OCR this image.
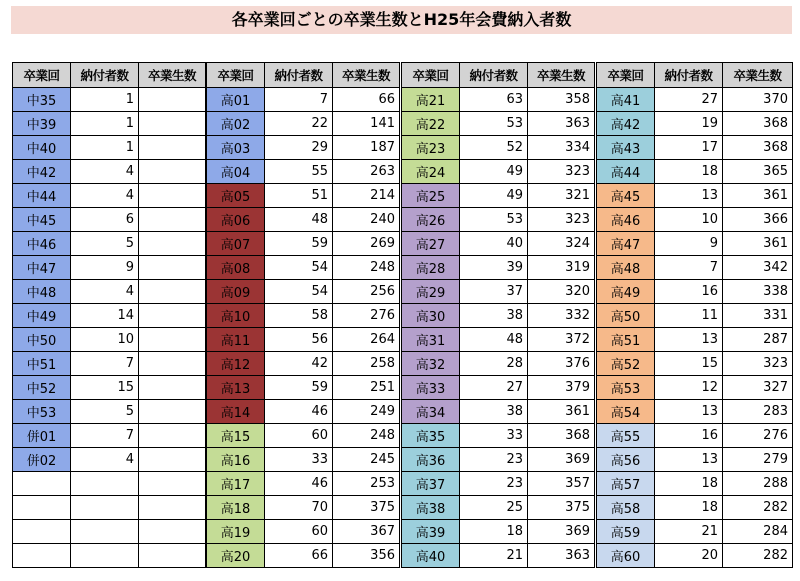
各卒業回ごとの卒業生数とH25年会費納入者数
卒業回	納付者数	卒業生数
中35	1	
中39	1	
中40	1	
中42	4	
中44	4	
中45	6	
中46	5	
中47	9	
中48	4	
中49	14	
中50	10	
中51	7	
中52	15	
中53	5	
併01	7	
併02	4	

卒業回	納付者数	卒業生数
高01	7	66
高02	22	141
高03	29	187
高04	55	263
高05	51	214
高06	48	240
高07	59	269
高08	54	248
高09	54	256
高10	58	276
高11	56	264
高12	42	258
高13	59	251
高14	46	249
高15	60	248
高16	33	245
高17	46	253
高18	70	375
高19	60	367
高20	66	356
卒業回	納付者数	卒業生数
高21	63	358
高22	53	363
高23	52	334
高24	49	323
高25	49	321
高26	53	323
高27	40	324
高28	39	319
高29	37	320
高30	38	332
高31	48	372
高32	28	376
高33	27	379
高34	38	361
高35	33	368
高36	23	369
高37	23	357
高38	25	375
高39	18	369
高40	21	363
卒業回	納付者数	卒業生数
高41	27	370
高42	19	368
高43	17	368
高44	18	365
高45	13	361
高46	10	366
高47	9	361
高48	7	342
高49	16	338
高50	11	331
高51	13	287
高52	15	323
高53	12	327
高54	13	283
高55	16	276
高56	13	279
高57	18	288
高58	18	282
高59	21	284
高60	20	282
